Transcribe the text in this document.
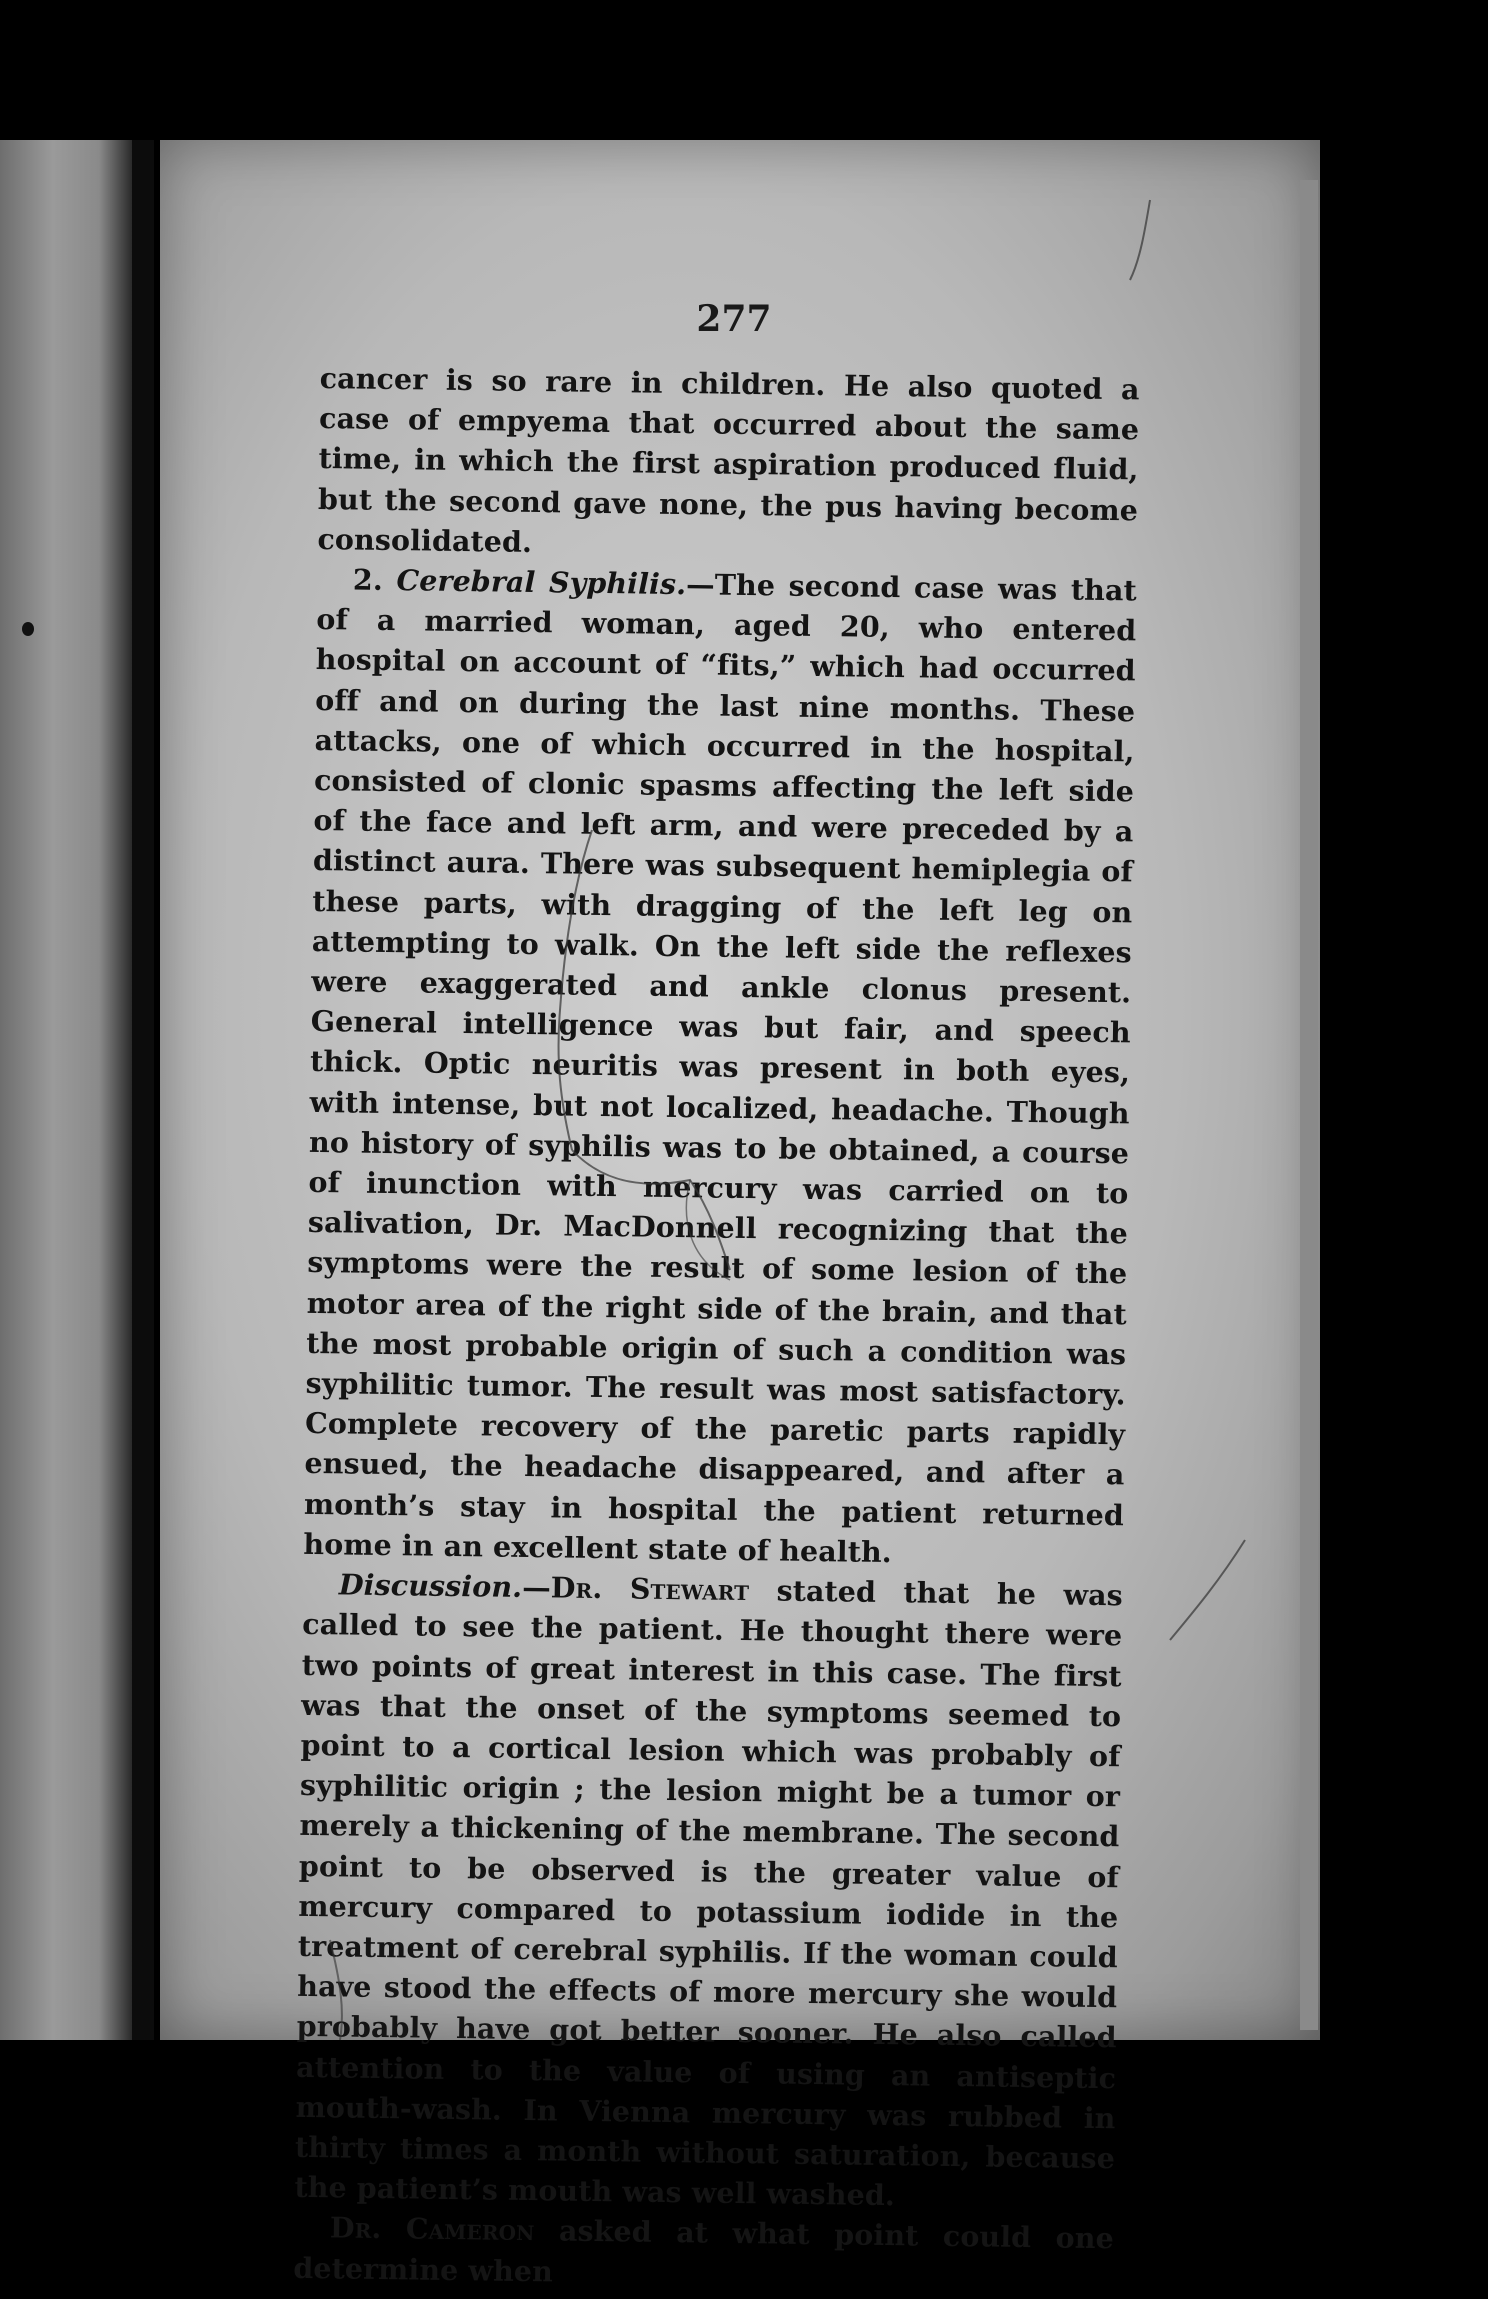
277

cancer is so rare in children. He also quoted a case of empyema that occurred about the same time, in which the first aspiration produced fluid, but the second gave none, the pus having become consolidated.

2. Cerebral Syphilis.—The second case was that of a married woman, aged 20, who entered hospital on account of “fits,” which had occurred off and on during the last nine months. These attacks, one of which occurred in the hospital, consisted of clonic spasms affecting the left side of the face and left arm, and were preceded by a distinct aura. There was subsequent hemiplegia of these parts, with dragging of the left leg on attempting to walk. On the left side the reflexes were exaggerated and ankle clonus present. General intelligence was but fair, and speech thick. Optic neuritis was present in both eyes, with intense, but not localized, headache. Though no history of syphilis was to be obtained, a course of inunction with mercury was carried on to salivation, Dr. MacDonnell recognizing that the symptoms were the result of some lesion of the motor area of the right side of the brain, and that the most probable origin of such a condition was syphilitic tumor. The result was most satisfactory. Complete recovery of the paretic parts rapidly ensued, the headache disappeared, and after a month’s stay in hospital the patient returned home in an excellent state of health.

Discussion.—Dr. Stewart stated that he was called to see the patient. He thought there were two points of great interest in this case. The first was that the onset of the symptoms seemed to point to a cortical lesion which was probably of syphilitic origin ; the lesion might be a tumor or merely a thickening of the membrane. The second point to be observed is the greater value of mercury compared to potassium iodide in the treatment of cerebral syphilis. If the woman could have stood the effects of more mercury she would probably have got better sooner. He also called attention to the value of using an antiseptic mouth-wash. In Vienna mercury was rubbed in thirty times a month without saturation, because the patient’s mouth was well washed.

Dr. Cameron asked at what point could one determine when
